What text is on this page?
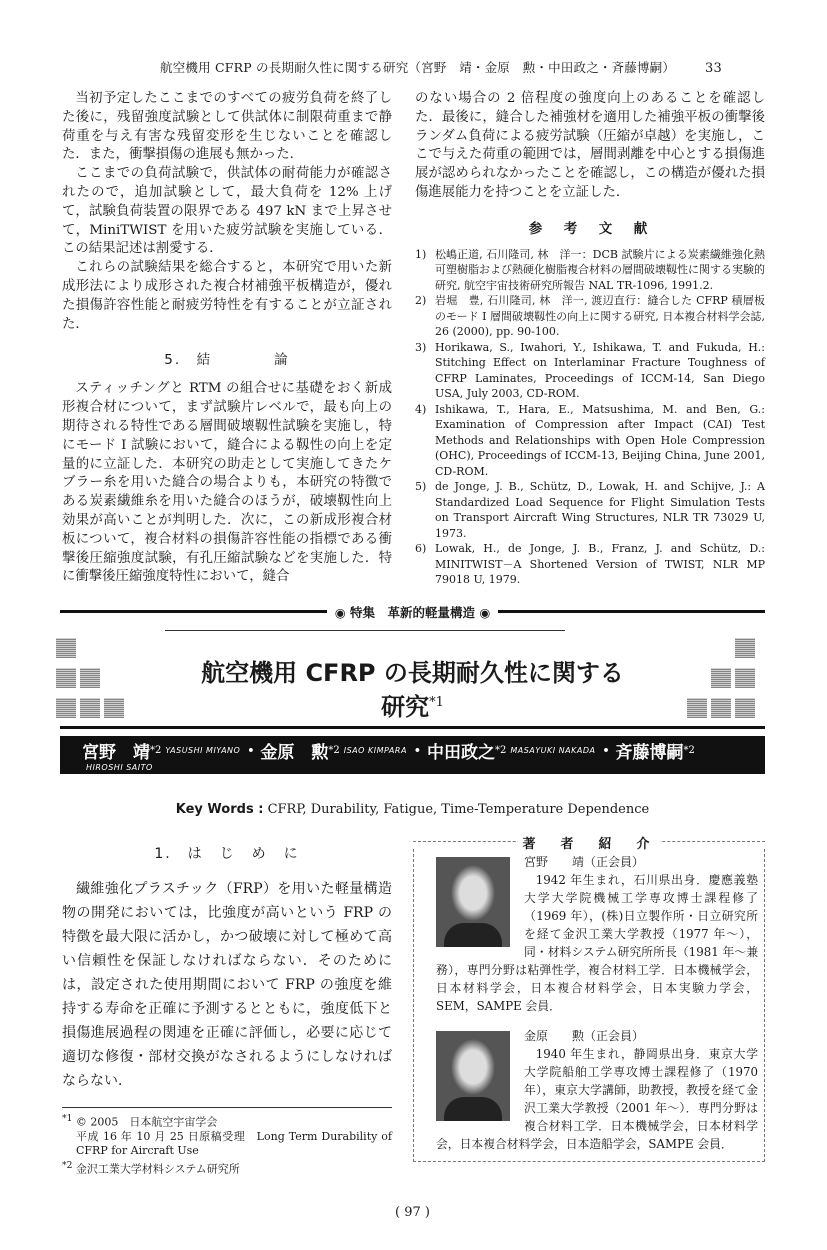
航空機用 CFRP の長期耐久性に関する研究（宮野　靖・金原　勲・中田政之・斉藤博嗣）	33

当初予定したここまでのすべての疲労負荷を終了した後に，残留強度試験として供試体に制限荷重まで静荷重を与え有害な残留変形を生じないことを確認した．また，衝撃損傷の進展も無かった．

ここまでの負荷試験で，供試体の耐荷能力が確認されたので，追加試験として，最大負荷を 12% 上げて，試験負荷装置の限界である 497 kN まで上昇させて，MiniTWIST を用いた疲労試験を実施している．この結果記述は割愛する．

これらの試験結果を総合すると，本研究で用いた新成形法により成形された複合材補強平板構造が，優れた損傷許容性能と耐疲労特性を有することが立証された．

5.　結　　　　論

スティッチングと RTM の組合せに基礎をおく新成形複合材について，まず試験片レベルで，最も向上の期待される特性である層間破壊靱性試験を実施し，特にモード I 試験において，縫合による靱性の向上を定量的に立証した．本研究の助走として実施してきたケブラー糸を用いた縫合の場合よりも，本研究の特徴である炭素繊維糸を用いた縫合のほうが，破壊靱性向上効果が高いことが判明した．次に，この新成形複合材板について，複合材料の損傷許容性能の指標である衝撃後圧縮強度試験，有孔圧縮試験などを実施した．特に衝撃後圧縮強度特性において，縫合

のない場合の 2 倍程度の強度向上のあることを確認した．最後に，縫合した補強材を適用した補強平板の衝撃後ランダム負荷による疲労試験（圧縮が卓越）を実施し，ここで与えた荷重の範囲では，層間剥離を中心とする損傷進展が認められなかったことを確認し，この構造が優れた損傷進展能力を持つことを立証した．

参　考　文　献
1) 松嶋正道, 石川隆司, 林　洋一：DCB 試験片による炭素繊維強化熱可塑樹脂および熱硬化樹脂複合材料の層間破壊靱性に関する実験的研究, 航空宇宙技術研究所報告 NAL TR-1096, 1991.2.
2) 岩堀　豊, 石川隆司, 林　洋一, 渡辺直行：縫合した CFRP 積層板のモード I 層間破壊靱性の向上に関する研究, 日本複合材料学会誌, 26 (2000), pp. 90-100.
3) Horikawa, S., Iwahori, Y., Ishikawa, T. and Fukuda, H.: Stitching Effect on Interlaminar Fracture Toughness of CFRP Laminates, Proceedings of ICCM-14, San Diego USA, July 2003, CD-ROM.
4) Ishikawa, T., Hara, E., Matsushima, M. and Ben, G.: Examination of Compression after Impact (CAI) Test Methods and Relationships with Open Hole Compression (OHC), Proceedings of ICCM-13, Beijing China, June 2001, CD-ROM.
5) de Jonge, J. B., Schütz, D., Lowak, H. and Schijve, J.: A Standardized Load Sequence for Flight Simulation Tests on Transport Aircraft Wing Structures, NLR TR 73029 U, 1973.
6) Lowak, H., de Jonge, J. B., Franz, J. and Schütz, D.: MINITWIST－A Shortened Version of TWIST, NLR MP 79018 U, 1979.
◉ 特集　革新的軽量構造 ◉
航空機用 CFRP の長期耐久性に関する研究$^{*1}$
宮野　靖 *2 YASUSHI MIYANO • 金原　勲 *2 ISAO KIMPARA • 中田政之 *2 MASAYUKI NAKADA • 斉藤博嗣 *2
HIROSHI SAITO
Key Words : CFRP, Durability, Fatigue, Time-Temperature Dependence
1.　は　じ　め　に

繊維強化プラスチック（FRP）を用いた軽量構造物の開発においては，比強度が高いという FRP の特徴を最大限に活かし，かつ破壊に対して極めて高い信頼性を保証しなければならない．そのためには，設定された使用期間において FRP の強度を維持する寿命を正確に予測するとともに，強度低下と損傷進展過程の関連を正確に評価し，必要に応じて適切な修復・部材交換がなされるようにしなければならない．

$^{*1}$ © 2005　日本航空宇宙学会
平成 16 年 10 月 25 日原稿受理　Long Term Durability of CFRP for Aircraft Use
$^{*2}$ 金沢工業大学材料システム研究所
著　者　紹　介
宮野　　靖（正会員）
1942 年生まれ，石川県出身．慶應義塾大学大学院機械工学専攻博士課程修了（1969 年），(株)日立製作所・日立研究所を経て金沢工業大学教授（1977 年～），同・材料システム研究所所長（1981 年～兼務），専門分野は粘弾性学，複合材料工学．日本機械学会，日本材料学会，日本複合材料学会，日本実験力学会，SEM，SAMPE 会員．
金原　　勲（正会員）
1940 年生まれ，静岡県出身．東京大学大学院船舶工学専攻博士課程修了（1970 年），東京大学講師，助教授，教授を経て金沢工業大学教授（2001 年～）．専門分野は複合材料工学．日本機械学会，日本材料学会，日本複合材料学会，日本造船学会，SAMPE 会員．
( 97 )
